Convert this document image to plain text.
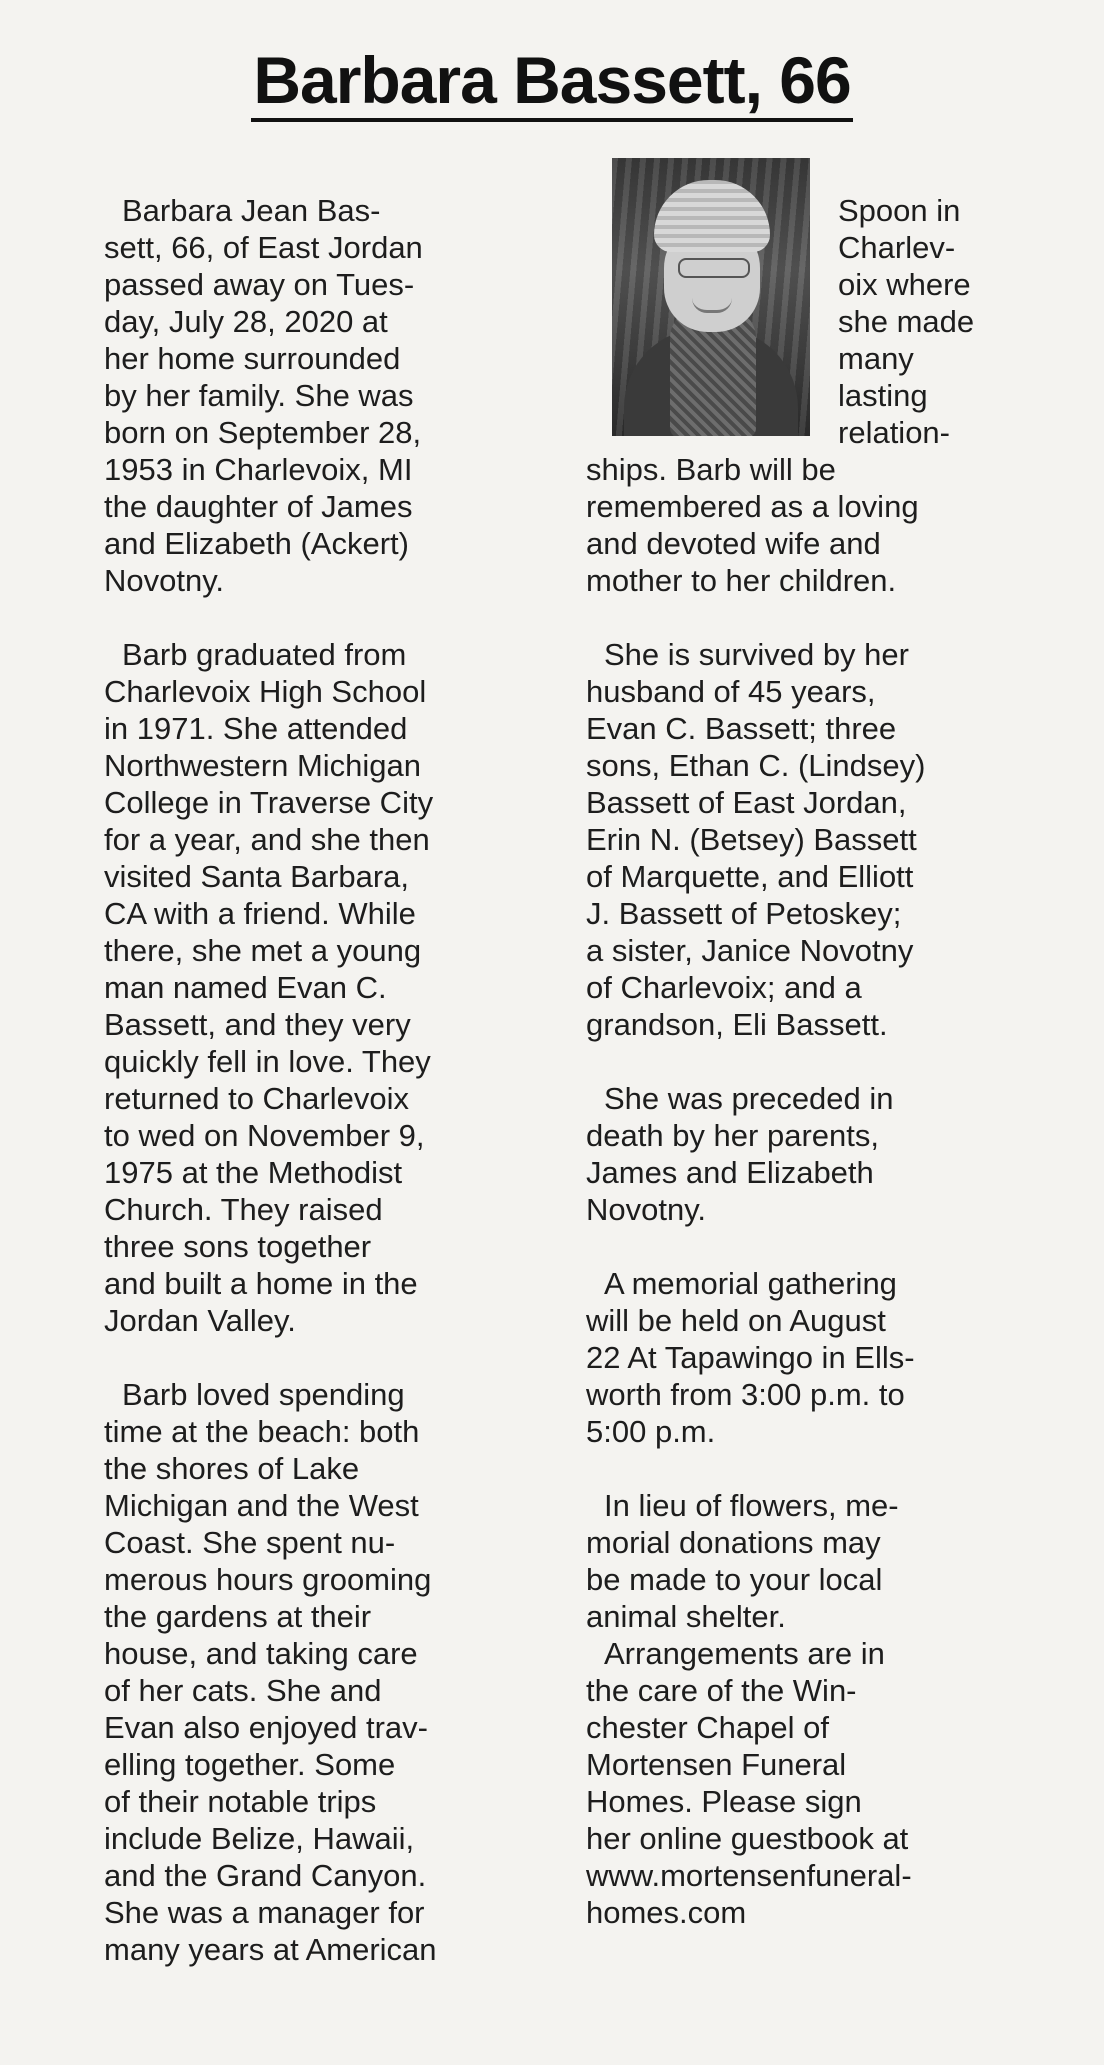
Barbara Bassett, 66
Barbara Jean Bas-
sett, 66, of East Jordan
passed away on Tues-
day, July 28, 2020 at
her home surrounded
by her family. She was
born on September 28,
1953 in Charlevoix, MI
the daughter of James
and Elizabeth (Ackert)
Novotny.
Barb graduated from
Charlevoix High School
in 1971. She attended
Northwestern Michigan
College in Traverse City
for a year, and she then
visited Santa Barbara,
CA with a friend. While
there, she met a young
man named Evan C.
Bassett, and they very
quickly fell in love. They
returned to Charlevoix
to wed on November 9,
1975 at the Methodist
Church. They raised
three sons together
and built a home in the
Jordan Valley.
Barb loved spending
time at the beach: both
the shores of Lake
Michigan and the West
Coast. She spent nu-
merous hours grooming
the gardens at their
house, and taking care
of her cats. She and
Evan also enjoyed trav-
elling together. Some
of their notable trips
include Belize, Hawaii,
and the Grand Canyon.
She was a manager for
many years at American
Spoon in
Charlev-
oix where
she made
many
lasting
relation-
ships. Barb will be
remembered as a loving
and devoted wife and
mother to her children.
She is survived by her
husband of 45 years,
Evan C. Bassett; three
sons, Ethan C. (Lindsey)
Bassett of East Jordan,
Erin N. (Betsey) Bassett
of Marquette, and Elliott
J. Bassett of Petoskey;
a sister, Janice Novotny
of Charlevoix; and a
grandson, Eli Bassett.
She was preceded in
death by her parents,
James and Elizabeth
Novotny.
A memorial gathering
will be held on August
22 At Tapawingo in Ells-
worth from 3:00 p.m. to
5:00 p.m.
In lieu of flowers, me-
morial donations may
be made to your local
animal shelter.
Arrangements are in
the care of the Win-
chester Chapel of
Mortensen Funeral
Homes. Please sign
her online guestbook at
www.mortensenfuneral-
homes.com
